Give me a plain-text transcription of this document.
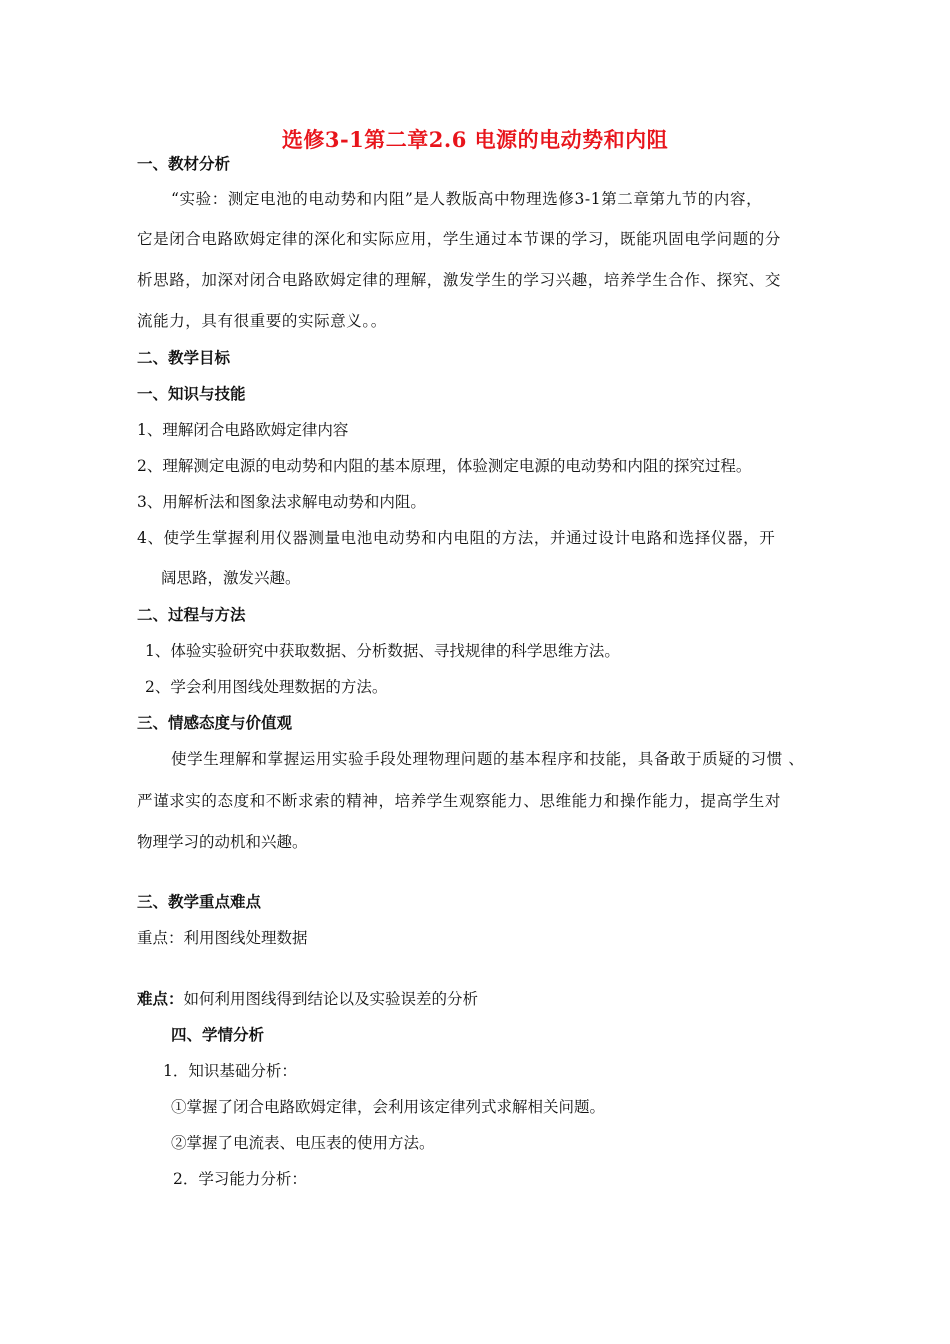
选修3-1第二章2.6 电源的电动势和内阻
一、教材分析
“实验：测定电池的电动势和内阻”是人教版高中物理选修3-1第二章第九节的内容，
它是闭合电路欧姆定律的深化和实际应用，学生通过本节课的学习，既能巩固电学问题的分
析思路，加深对闭合电路欧姆定律的理解，激发学生的学习兴趣，培养学生合作、探究、交
流能力，具有很重要的实际意义。。
二、教学目标
一、知识与技能
1、理解闭合电路欧姆定律内容
2、理解测定电源的电动势和内阻的基本原理，体验测定电源的电动势和内阻的探究过程。
3、用解析法和图象法求解电动势和内阻。
4、使学生掌握利用仪器测量电池电动势和内电阻的方法，并通过设计电路和选择仪器，开
阔思路，激发兴趣。
二、过程与方法
1、体验实验研究中获取数据、分析数据、寻找规律的科学思维方法。
2、学会利用图线处理数据的方法。
三、情感态度与价值观
使学生理解和掌握运用实验手段处理物理问题的基本程序和技能，具备敢于质疑的习惯 、
严谨求实的态度和不断求索的精神，培养学生观察能力、思维能力和操作能力，提高学生对
物理学习的动机和兴趣。
三、教学重点难点
重点：利用图线处理数据
难点：如何利用图线得到结论以及实验误差的分析
四、学情分析
1．知识基础分析：
①掌握了闭合电路欧姆定律，会利用该定律列式求解相关问题。
②掌握了电流表、电压表的使用方法。
2．学习能力分析：
